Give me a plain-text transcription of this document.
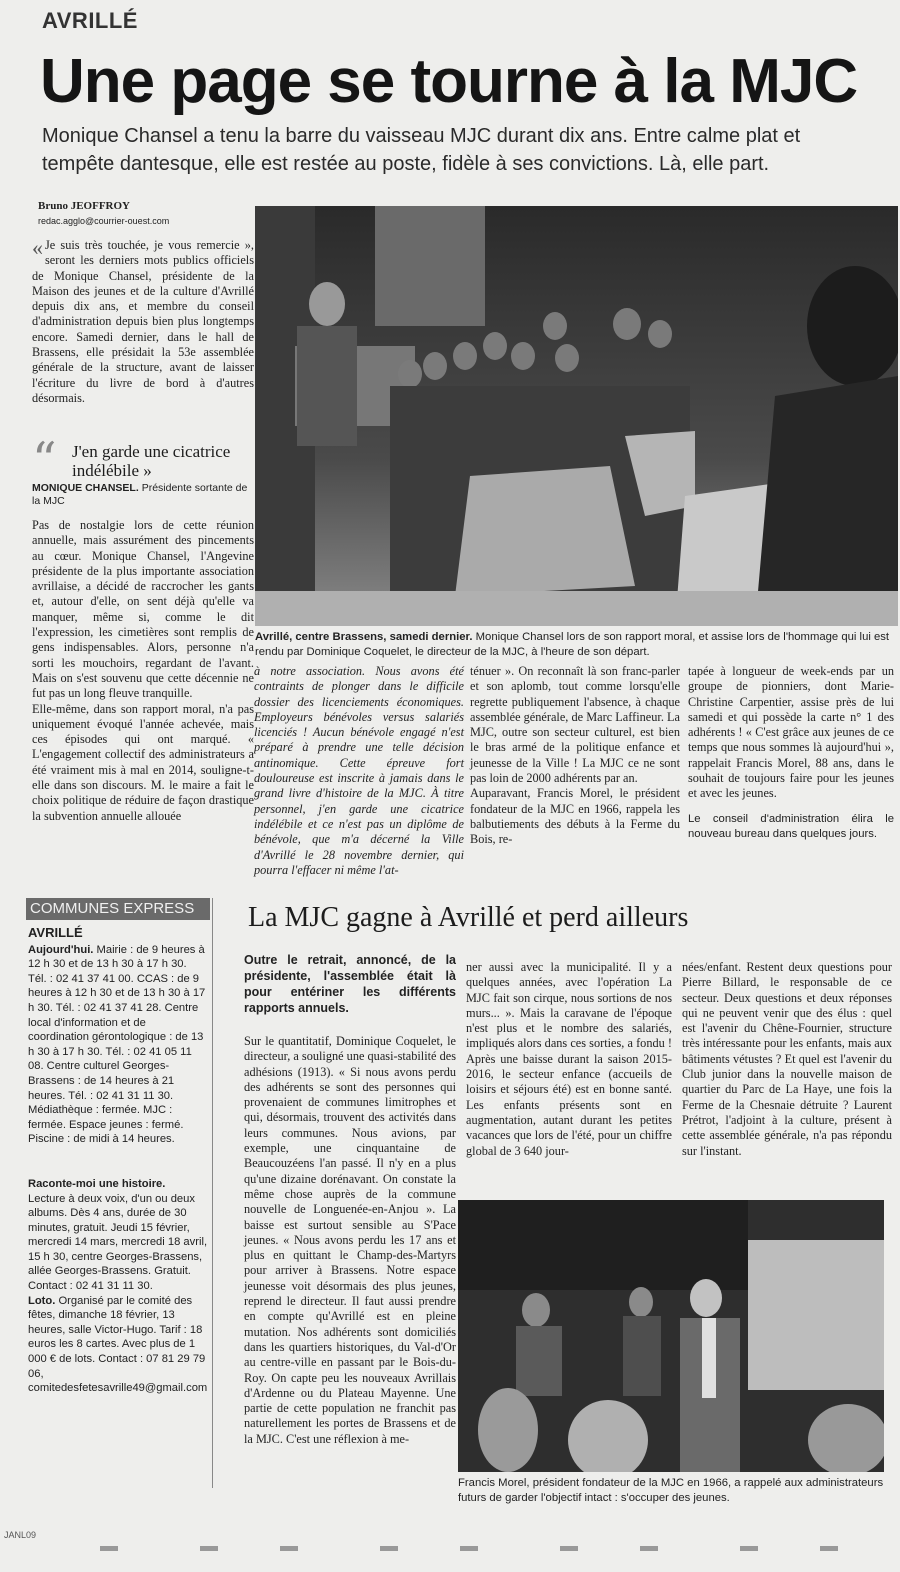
AVRILLÉ
Une page se tourne à la MJC
Monique Chansel a tenu la barre du vaisseau MJC durant dix ans. Entre calme plat et tempête dantesque, elle est restée au poste, fidèle à ses convictions. Là, elle part.
Bruno JEOFFROY
redac.agglo@courrier-ouest.com

« Je suis très touchée, je vous remercie », seront les derniers mots publics officiels de Monique Chansel, présidente de la Maison des jeunes et de la culture d'Avrillé depuis dix ans, et membre du conseil d'administration depuis bien plus longtemps encore. Samedi dernier, dans le hall de Brassens, elle présidait la 53e assemblée générale de la structure, avant de laisser l'écriture du livre de bord à d'autres désormais.

“ J'en garde une cicatrice indélébile »
MONIQUE CHANSEL. Présidente sortante de la MJC

Pas de nostalgie lors de cette réunion annuelle, mais assurément des pincements au cœur. Monique Chansel, l'Angevine présidente de la plus importante association avrillaise, a décidé de raccrocher les gants et, autour d'elle, on sent déjà qu'elle va manquer, même si, comme le dit l'expression, les cimetières sont remplis de gens indispensables. Alors, personne n'a sorti les mouchoirs, regardant de l'avant. Mais on s'est souvenu que cette décennie ne fut pas un long fleuve tranquille.

Elle-même, dans son rapport moral, n'a pas uniquement évoqué l'année achevée, mais ces épisodes qui ont marqué. « L'engagement collectif des administrateurs a été vraiment mis à mal en 2014, souligne-t-elle dans son discours. M. le maire a fait le choix politique de réduire de façon drastique la subvention annuelle allouée

Avrillé, centre Brassens, samedi dernier. Monique Chansel lors de son rapport moral, et assise lors de l'hommage qui lui est rendu par Dominique Coquelet, le directeur de la MJC, à l'heure de son départ.

à notre association. Nous avons été contraints de plonger dans le difficile dossier des licenciements économiques. Employeurs bénévoles versus salariés licenciés ! Aucun bénévole engagé n'est préparé à prendre une telle décision antinomique. Cette épreuve fort douloureuse est inscrite à jamais dans le grand livre d'histoire de la MJC. À titre personnel, j'en garde une cicatrice indélébile et ce n'est pas un diplôme de bénévole, que m'a décerné la Ville d'Avrillé le 28 novembre dernier, qui pourra l'effacer ni même l'at-

ténuer ». On reconnaît là son franc-parler et son aplomb, tout comme lorsqu'elle regrette publiquement l'absence, à chaque assemblée générale, de Marc Laffineur. La MJC, outre son secteur culturel, est bien le bras armé de la politique enfance et jeunesse de la Ville ! La MJC ce ne sont pas loin de 2000 adhérents par an.

Auparavant, Francis Morel, le président fondateur de la MJC en 1966, rappela les balbutiements des débuts à la Ferme du Bois, re-

tapée à longueur de week-ends par un groupe de pionniers, dont Marie-Christine Carpentier, assise près de lui samedi et qui possède la carte n° 1 des adhérents ! « C'est grâce aux jeunes de ce temps que nous sommes là aujourd'hui », rappelait Francis Morel, 88 ans, dans le souhait de toujours faire pour les jeunes et avec les jeunes.

Le conseil d'administration élira le nouveau bureau dans quelques jours.

COMMUNES EXPRESS

AVRILLÉ

Aujourd'hui. Mairie : de 9 heures à 12 h 30 et de 13 h 30 à 17 h 30. Tél. : 02 41 37 41 00. CCAS : de 9 heures à 12 h 30 et de 13 h 30 à 17 h 30. Tél. : 02 41 37 41 28. Centre local d'information et de coordination gérontologique : de 13 h 30 à 17 h 30. Tél. : 02 41 05 11 08. Centre culturel Georges-Brassens : de 14 heures à 21 heures. Tél. : 02 41 31 11 30. Médiathèque : fermée. MJC : fermée. Espace jeunes : fermé. Piscine : de midi à 14 heures.

Raconte-moi une histoire.
Lecture à deux voix, d'un ou deux albums. Dès 4 ans, durée de 30 minutes, gratuit. Jeudi 15 février, mercredi 14 mars, mercredi 18 avril, 15 h 30, centre Georges-Brassens, allée Georges-Brassens. Gratuit. Contact : 02 41 31 11 30.

Loto. Organisé par le comité des fêtes, dimanche 18 février, 13 heures, salle Victor-Hugo. Tarif : 18 euros les 8 cartes. Avec plus de 1 000 € de lots. Contact : 07 81 29 79 06, comitedesfetesavrille49@gmail.com

La MJC gagne à Avrillé et perd ailleurs

Outre le retrait, annoncé, de la présidente, l'assemblée était là pour entériner les différents rapports annuels.

Sur le quantitatif, Dominique Coquelet, le directeur, a souligné une quasi-stabilité des adhésions (1913). « Si nous avons perdu des adhérents se sont des personnes qui provenaient de communes limitrophes et qui, désormais, trouvent des activités dans leurs communes. Nous avions, par exemple, une cinquantaine de Beaucouzéens l'an passé. Il n'y en a plus qu'une dizaine dorénavant. On constate la même chose auprès de la commune nouvelle de Longuenée-en-Anjou ». La baisse est surtout sensible au S'Pace jeunes. « Nous avons perdu les 17 ans et plus en quittant le Champ-des-Martyrs pour arriver à Brassens. Notre espace jeunesse voit désormais des plus jeunes, reprend le directeur. Il faut aussi prendre en compte qu'Avrillé est en pleine mutation. Nos adhérents sont domiciliés dans les quartiers historiques, du Val-d'Or au centre-ville en passant par le Bois-du-Roy. On capte peu les nouveaux Avrillais d'Ardenne ou du Plateau Mayenne. Une partie de cette population ne franchit pas naturellement les portes de Brassens et de la MJC. C'est une réflexion à me-

ner aussi avec la municipalité. Il y a quelques années, avec l'opération La MJC fait son cirque, nous sortions de nos murs... ». Mais la caravane de l'époque n'est plus et le nombre des salariés, impliqués alors dans ces sorties, a fondu ! Après une baisse durant la saison 2015-2016, le secteur enfance (accueils de loisirs et séjours été) est en bonne santé. Les enfants présents sont en augmentation, autant durant les petites vacances que lors de l'été, pour un chiffre global de 3 640 jour-

nées/enfant. Restent deux questions pour Pierre Billard, le responsable de ce secteur. Deux questions et deux réponses qui ne peuvent venir que des élus : quel est l'avenir du Chêne-Fournier, structure très intéressante pour les enfants, mais aux bâtiments vétustes ? Et quel est l'avenir du Club junior dans la nouvelle maison de quartier du Parc de La Haye, une fois la Ferme de la Chesnaie détruite ? Laurent Prétrot, l'adjoint à la culture, présent à cette assemblée générale, n'a pas répondu sur l'instant.

Francis Morel, président fondateur de la MJC en 1966, a rappelé aux administrateurs futurs de garder l'objectif intact : s'occuper des jeunes.
JANL09
